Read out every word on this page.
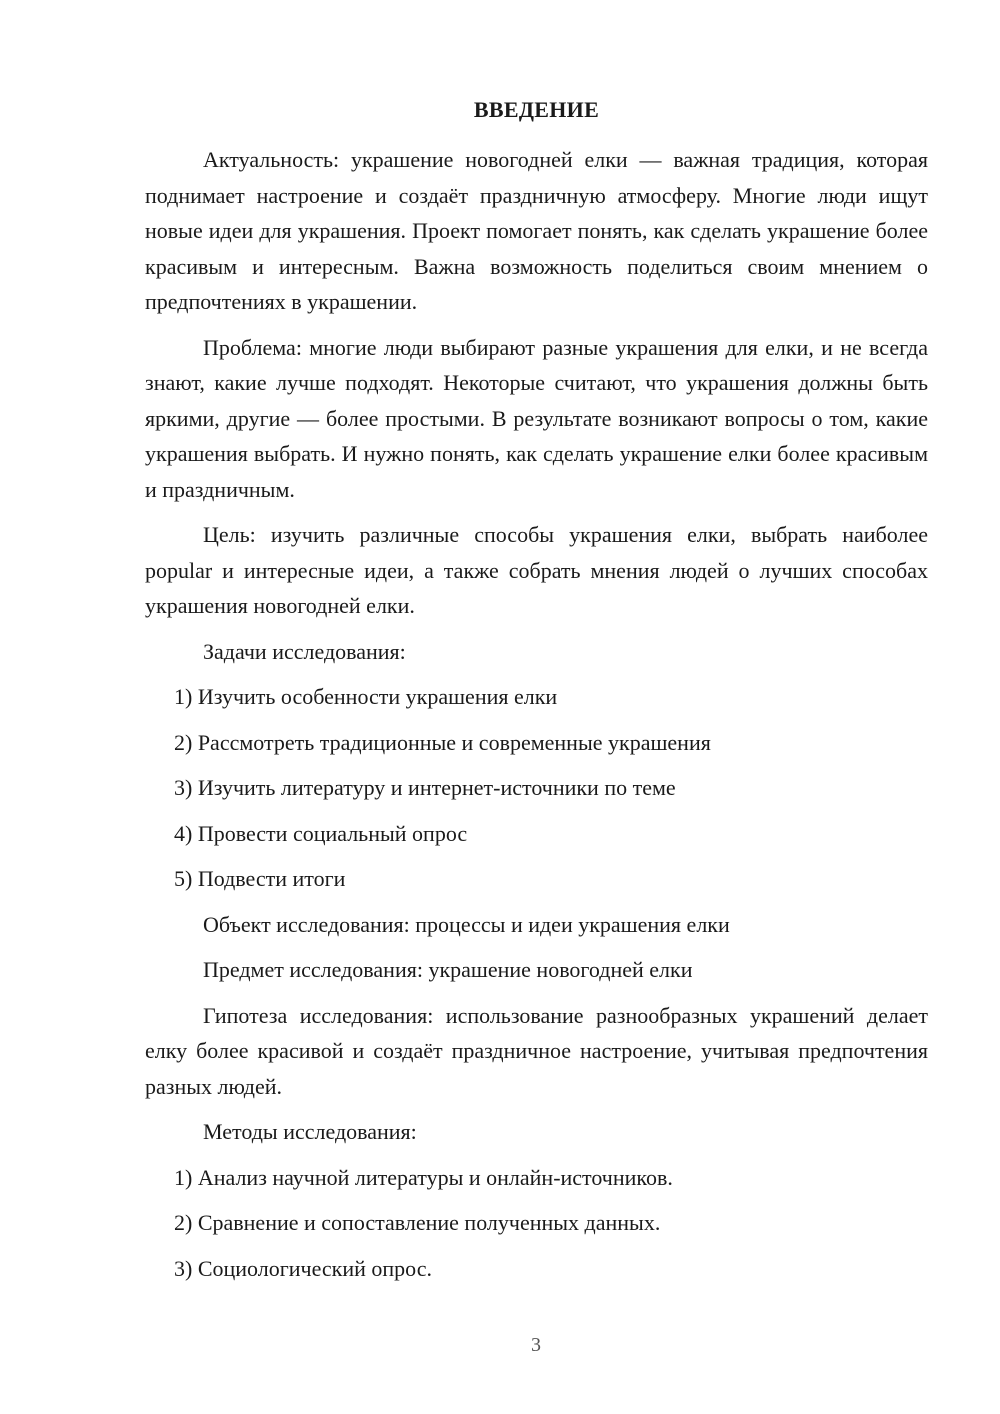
ВВЕДЕНИЕ

Актуальность: украшение новогодней елки — важная традиция, которая поднимает настроение и создаёт праздничную атмосферу. Многие люди ищут новые идеи для украшения. Проект помогает понять, как сделать украшение более красивым и интересным. Важна возможность поделиться своим мнением о предпочтениях в украшении.

Проблема: многие люди выбирают разные украшения для елки, и не всегда знают, какие лучше подходят. Некоторые считают, что украшения должны быть яркими, другие — более простыми. В результате возникают вопросы о том, какие украшения выбрать. И нужно понять, как сделать украшение елки более красивым и праздничным.

Цель: изучить различные способы украшения елки, выбрать наиболее popular и интересные идеи, а также собрать мнения людей о лучших способах украшения новогодней елки.

Задачи исследования:
1) Изучить особенности украшения елки
2) Рассмотреть традиционные и современные украшения
3) Изучить литературу и интернет-источники по теме
4) Провести социальный опрос
5) Подвести итоги
Объект исследования: процессы и идеи украшения елки
Предмет исследования: украшение новогодней елки

Гипотеза исследования: использование разнообразных украшений делает елку более красивой и создаёт праздничное настроение, учитывая предпочтения разных людей.

Методы исследования:
1) Анализ научной литературы и онлайн-источников.
2) Сравнение и сопоставление полученных данных.
3) Социологический опрос.
3
